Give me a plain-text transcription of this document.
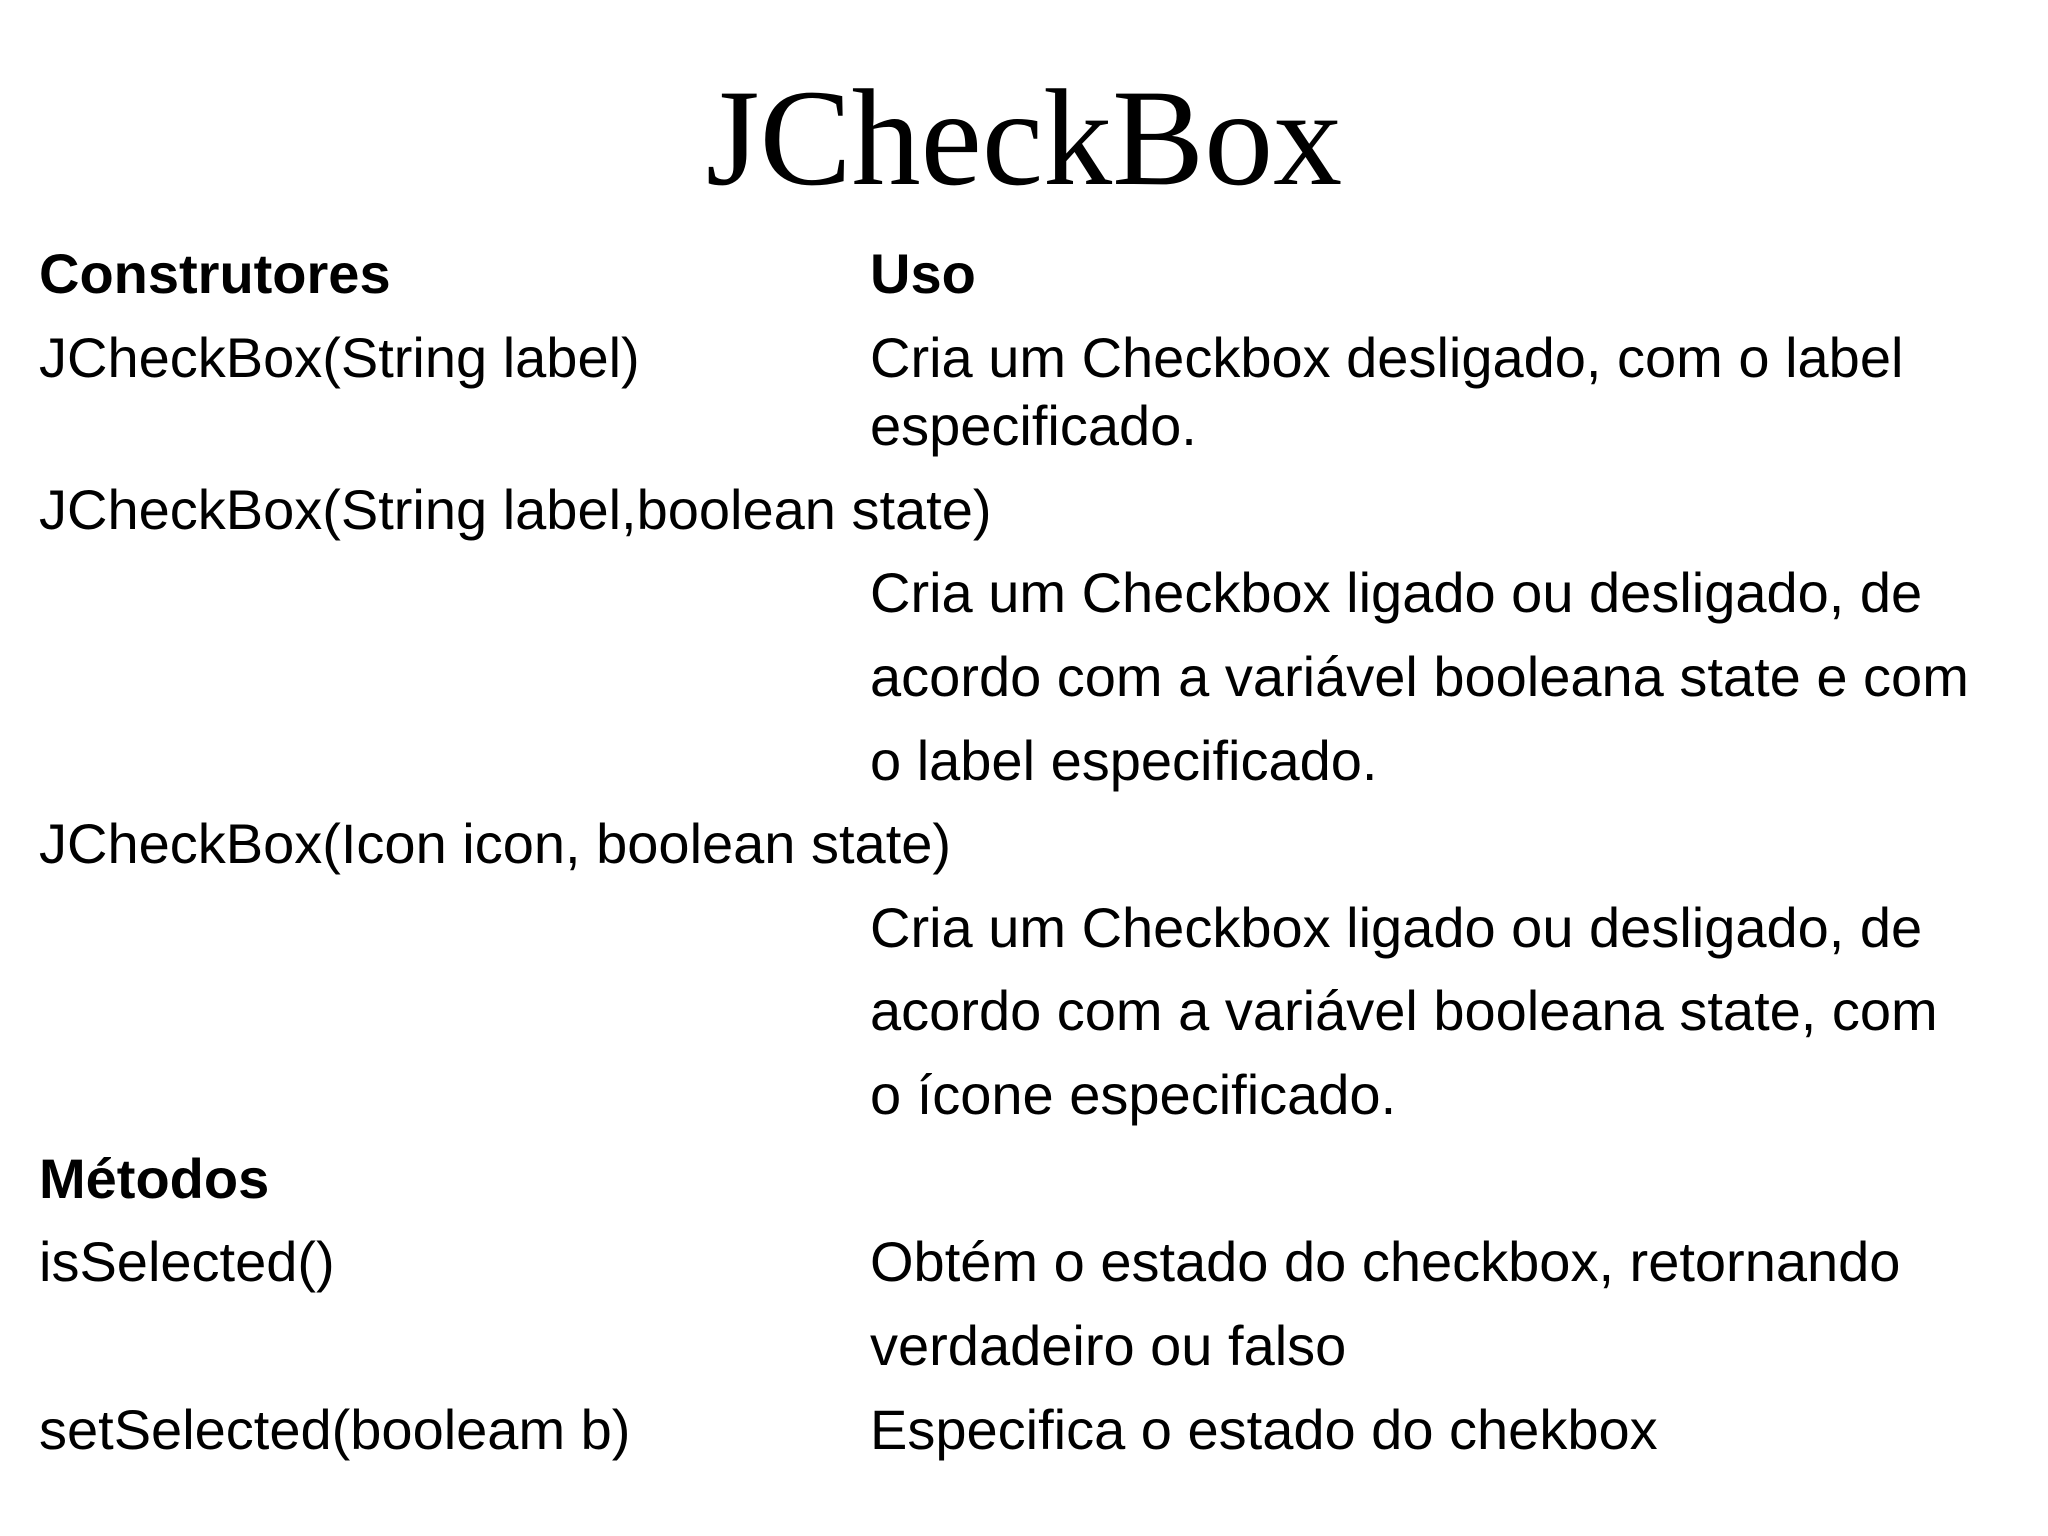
JCheckBox
Construtores	Uso
JCheckBox(String label)	Cria um Checkbox desligado, com o label
especificado.
JCheckBox(String label,boolean state)
Cria um Checkbox ligado ou desligado, de
acordo com a variável booleana state e com
o label especificado.
JCheckBox(Icon icon, boolean state)
Cria um Checkbox ligado ou desligado, de
acordo com a variável booleana state, com
o ícone especificado.
Métodos
isSelected()	Obtém o estado do checkbox, retornando
verdadeiro ou falso
setSelected(booleam b)	Especifica o estado do chekbox
